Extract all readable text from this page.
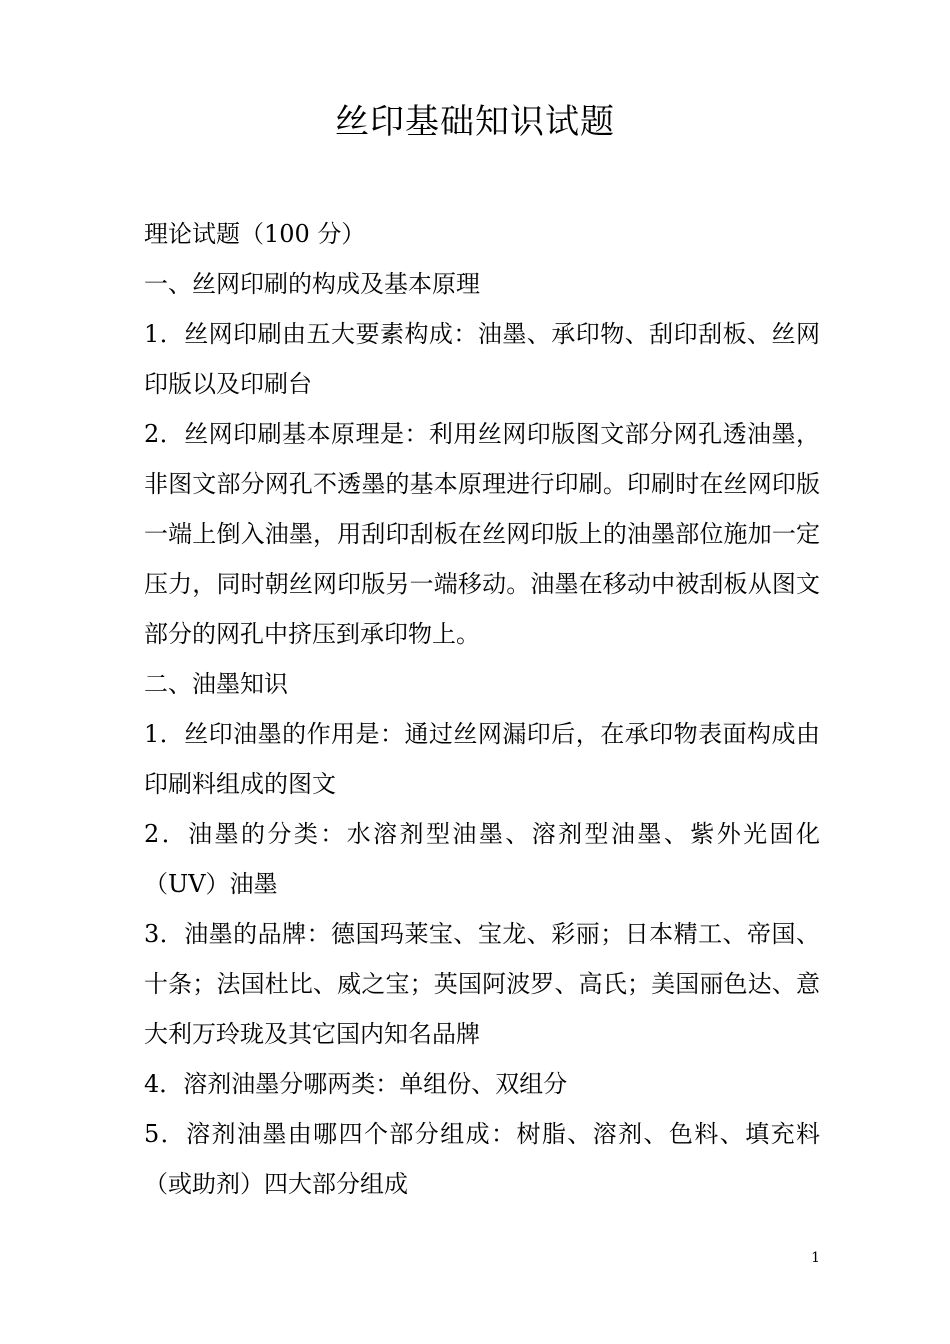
丝印基础知识试题

理论试题（100 分）

一、丝网印刷的构成及基本原理

1．丝网印刷由五大要素构成：油墨、承印物、刮印刮板、丝网印版以及印刷台

2．丝网印刷基本原理是：利用丝网印版图文部分网孔透油墨，非图文部分网孔不透墨的基本原理进行印刷。印刷时在丝网印版一端上倒入油墨，用刮印刮板在丝网印版上的油墨部位施加一定压力，同时朝丝网印版另一端移动。油墨在移动中被刮板从图文部分的网孔中挤压到承印物上。

二、油墨知识

1．丝印油墨的作用是：通过丝网漏印后，在承印物表面构成由印刷料组成的图文

2．油墨的分类：水溶剂型油墨、溶剂型油墨、紫外光固化（UV）油墨

3．油墨的品牌：德国玛莱宝、宝龙、彩丽；日本精工、帝国、十条；法国杜比、威之宝；英国阿波罗、高氏；美国丽色达、意大利万玲珑及其它国内知名品牌

4．溶剂油墨分哪两类：单组份、双组分

5．溶剂油墨由哪四个部分组成：树脂、溶剂、色料、填充料（或助剂）四大部分组成

1
